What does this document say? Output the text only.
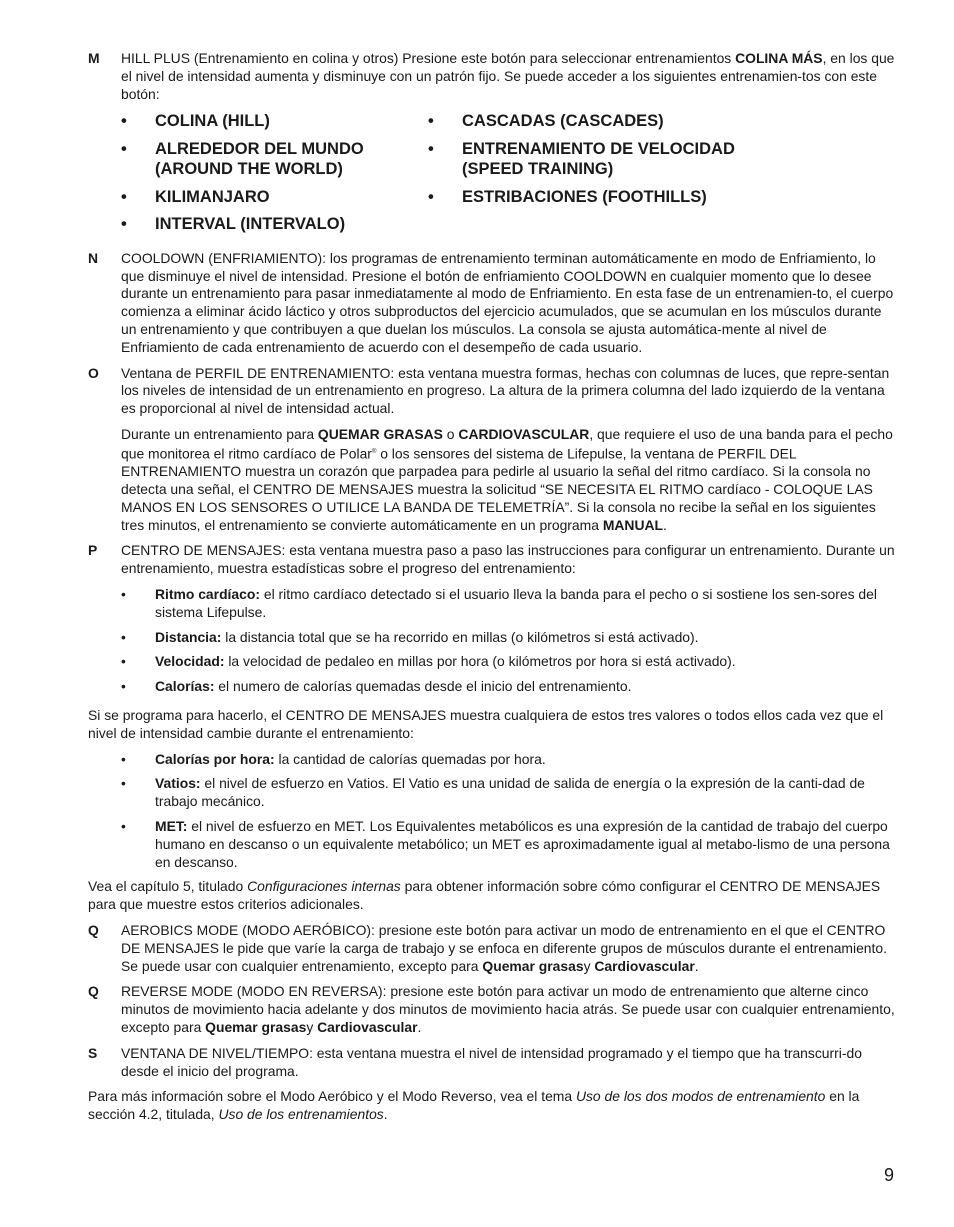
M	HILL PLUS (Entrenamiento en colina y otros) Presione este botón para seleccionar entrenamientos COLINA MÁS, en los que el nivel de intensidad aumenta y disminuye con un patrón fijo. Se puede acceder a los siguientes entrenamien-tos con este botón:

•	COLINA (HILL)
•	ALREDEDOR DEL MUNDO (AROUND THE WORLD)
•	KILIMANJARO
•	INTERVAL (INTERVALO)
•	CASCADAS (CASCADES)
•	ENTRENAMIENTO DE VELOCIDAD (SPEED TRAINING)
•	ESTRIBACIONES (FOOTHILLS)
N	COOLDOWN (ENFRIAMIENTO): los programas de entrenamiento terminan automáticamente en modo de Enfriamiento, lo que disminuye el nivel de intensidad. Presione el botón de enfriamiento COOLDOWN en cualquier momento que lo desee durante un entrenamiento para pasar inmediatamente al modo de Enfriamiento. En esta fase de un entrenamien-to, el cuerpo comienza a eliminar ácido láctico y otros subproductos del ejercicio acumulados, que se acumulan en los músculos durante un entrenamiento y que contribuyen a que duelan los músculos. La consola se ajusta automática-mente al nivel de Enfriamiento de cada entrenamiento de acuerdo con el desempeño de cada usuario.

O	Ventana de PERFIL DE ENTRENAMIENTO: esta ventana muestra formas, hechas con columnas de luces, que repre-sentan los niveles de intensidad de un entrenamiento en progreso. La altura de la primera columna del lado izquierdo de la ventana es proporcional al nivel de intensidad actual.

Durante un entrenamiento para QUEMAR GRASAS o CARDIOVASCULAR, que requiere el uso de una banda para el pecho que monitorea el ritmo cardíaco de Polar® o los sensores del sistema de Lifepulse, la ventana de PERFIL DEL ENTRENAMIENTO muestra un corazón que parpadea para pedirle al usuario la señal del ritmo cardíaco. Si la consola no detecta una señal, el CENTRO DE MENSAJES muestra la solicitud “SE NECESITA EL RITMO cardíaco - COLOQUE LAS MANOS EN LOS SENSORES O UTILICE LA BANDA DE TELEMETRÍA”. Si la consola no recibe la señal en los siguientes tres minutos, el entrenamiento se convierte automáticamente en un programa MANUAL.

P	CENTRO DE MENSAJES: esta ventana muestra paso a paso las instrucciones para configurar un entrenamiento. Durante un entrenamiento, muestra estadísticas sobre el progreso del entrenamiento:

•	Ritmo cardíaco: el ritmo cardíaco detectado si el usuario lleva la banda para el pecho o si sostiene los sen-sores del sistema Lifepulse.
•	Distancia: la distancia total que se ha recorrido en millas (o kilómetros si está activado).
•	Velocidad: la velocidad de pedaleo en millas por hora (o kilómetros por hora si está activado).
•	Calorías: el numero de calorías quemadas desde el inicio del entrenamiento.

Si se programa para hacerlo, el CENTRO DE MENSAJES muestra cualquiera de estos tres valores o todos ellos cada vez que el nivel de intensidad cambie durante el entrenamiento:

•	Calorías por hora: la cantidad de calorías quemadas por hora.
•	Vatios: el nivel de esfuerzo en Vatios. El Vatio es una unidad de salida de energía o la expresión de la canti-dad de trabajo mecánico.
•	MET: el nivel de esfuerzo en MET. Los Equivalentes metabólicos es una expresión de la cantidad de trabajo del cuerpo humano en descanso o un equivalente metabólico; un MET es aproximadamente igual al metabo-lismo de una persona en descanso.

Vea el capítulo 5, titulado Configuraciones internas para obtener información sobre cómo configurar el CENTRO DE MENSAJES para que muestre estos criterios adicionales.

Q	AEROBICS MODE (MODO AERÓBICO): presione este botón para activar un modo de entrenamiento en el que el CENTRO DE MENSAJES le pide que varíe la carga de trabajo y se enfoca en diferente grupos de músculos durante el entrenamiento. Se puede usar con cualquier entrenamiento, excepto para Quemar grasasy Cardiovascular.

Q	REVERSE MODE (MODO EN REVERSA): presione este botón para activar un modo de entrenamiento que alterne cinco minutos de movimiento hacia adelante y dos minutos de movimiento hacia atrás. Se puede usar con cualquier entrenamiento, excepto para Quemar grasasy Cardiovascular.

S	VENTANA DE NIVEL/TIEMPO: esta ventana muestra el nivel de intensidad programado y el tiempo que ha transcurri-do desde el inicio del programa.

Para más información sobre el Modo Aeróbico y el Modo Reverso, vea el tema Uso de los dos modos de entrenamiento en la sección 4.2, titulada, Uso de los entrenamientos.

9
